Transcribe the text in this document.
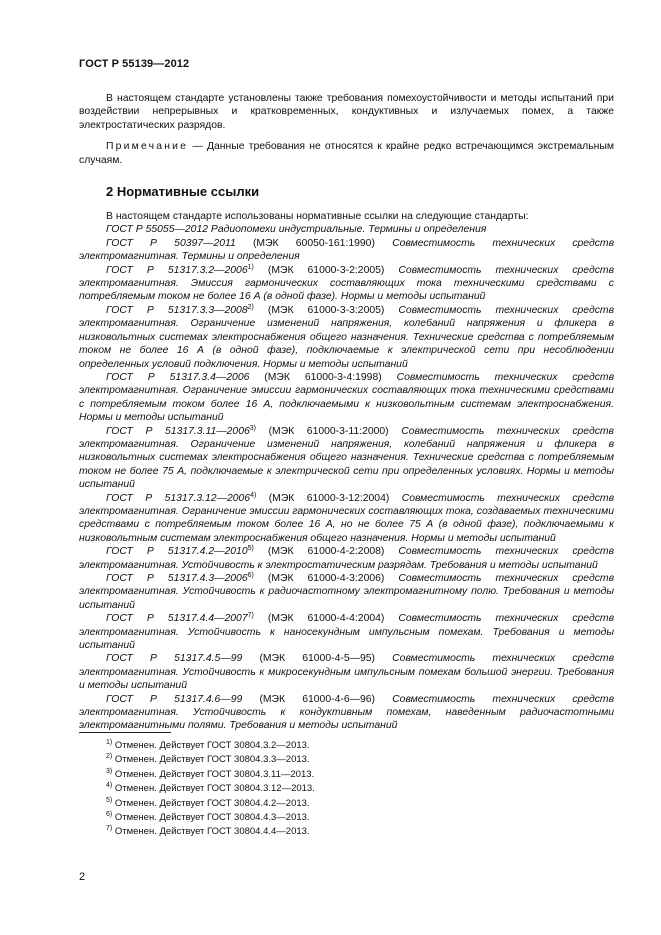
ГОСТ Р 55139—2012

В настоящем стандарте установлены также требования помехоустойчивости и методы испытаний при воздействии непрерывных и кратковременных, кондуктивных и излучаемых помех, а также электростатических разрядов.

Примечание — Данные требования не относятся к крайне редко встречающимся экстремальным случаям.

2 Нормативные ссылки

В настоящем стандарте использованы нормативные ссылки на следующие стандарты:

ГОСТ Р 55055—2012 Радиопомехи индустриальные. Термины и определения

ГОСТ Р 50397—2011 (МЭК 60050-161:1990) Совместимость технических средств электромагнитная. Термины и определения

ГОСТ Р 51317.3.2—2006$^{1)}$ (МЭК 61000-3-2:2005) Совместимость технических средств электромагнитная. Эмиссия гармонических составляющих тока техническими средствами с потребляемым током не более 16 А (в одной фазе). Нормы и методы испытаний

ГОСТ Р 51317.3.3—2008$^{2)}$ (МЭК 61000-3-3:2005) Совместимость технических средств электромагнитная. Ограничение изменений напряжения, колебаний напряжения и фликера в низковольтных системах электроснабжения общего назначения. Технические средства с потребляемым током не более 16 А (в одной фазе), подключаемые к электрической сети при несоблюдении определенных условий подключения. Нормы и методы испытаний

ГОСТ Р 51317.3.4—2006 (МЭК 61000-3-4:1998) Совместимость технических средств электромагнитная. Ограничение эмиссии гармонических составляющих тока техническими средствами с потребляемым током более 16 А, подключаемыми к низковольтным системам электроснабжения. Нормы и методы испытаний

ГОСТ Р 51317.3.11—2006$^{3)}$ (МЭК 61000-3-11:2000) Совместимость технических средств электромагнитная. Ограничение изменений напряжения, колебаний напряжения и фликера в низковольтных системах электроснабжения общего назначения. Технические средства с потребляемым током не более 75 А, подключаемые к электрической сети при определенных условиях. Нормы и методы испытаний

ГОСТ Р 51317.3.12—2006$^{4)}$ (МЭК 61000-3-12:2004) Совместимость технических средств электромагнитная. Ограничение эмиссии гармонических составляющих тока, создаваемых техническими средствами с потребляемым током более 16 А, но не более 75 А (в одной фазе), подключаемыми к низковольтным системам электроснабжения общего назначения. Нормы и методы испытаний

ГОСТ Р 51317.4.2—2010$^{5)}$ (МЭК 61000-4-2:2008) Совместимость технических средств электромагнитная. Устойчивость к электростатическим разрядам. Требования и методы испытаний

ГОСТ Р 51317.4.3—2006$^{6)}$ (МЭК 61000-4-3:2006) Совместимость технических средств электромагнитная. Устойчивость к радиочастотному электромагнитному полю. Требования и методы испытаний

ГОСТ Р 51317.4.4—2007$^{7)}$ (МЭК 61000-4-4:2004) Совместимость технических средств электромагнитная. Устойчивость к наносекундным импульсным помехам. Требования и методы испытаний

ГОСТ Р 51317.4.5—99 (МЭК 61000-4-5—95) Совместимость технических средств электромагнитная. Устойчивость к микросекундным импульсным помехам большой энергии. Требования и методы испытаний

ГОСТ Р 51317.4.6—99 (МЭК 61000-4-6—96) Совместимость технических средств электромагнитная. Устойчивость к кондуктивным помехам, наведенным радиочастотными электромагнитными полями. Требования и методы испытаний

$^{1)}$ Отменен. Действует ГОСТ 30804.3.2—2013.
$^{2)}$ Отменен. Действует ГОСТ 30804.3.3—2013.
$^{3)}$ Отменен. Действует ГОСТ 30804.3.11—2013.
$^{4)}$ Отменен. Действует ГОСТ 30804.3.12—2013.
$^{5)}$ Отменен. Действует ГОСТ 30804.4.2—2013.
$^{6)}$ Отменен. Действует ГОСТ 30804.4.3—2013.
$^{7)}$ Отменен. Действует ГОСТ 30804.4.4—2013.
2
